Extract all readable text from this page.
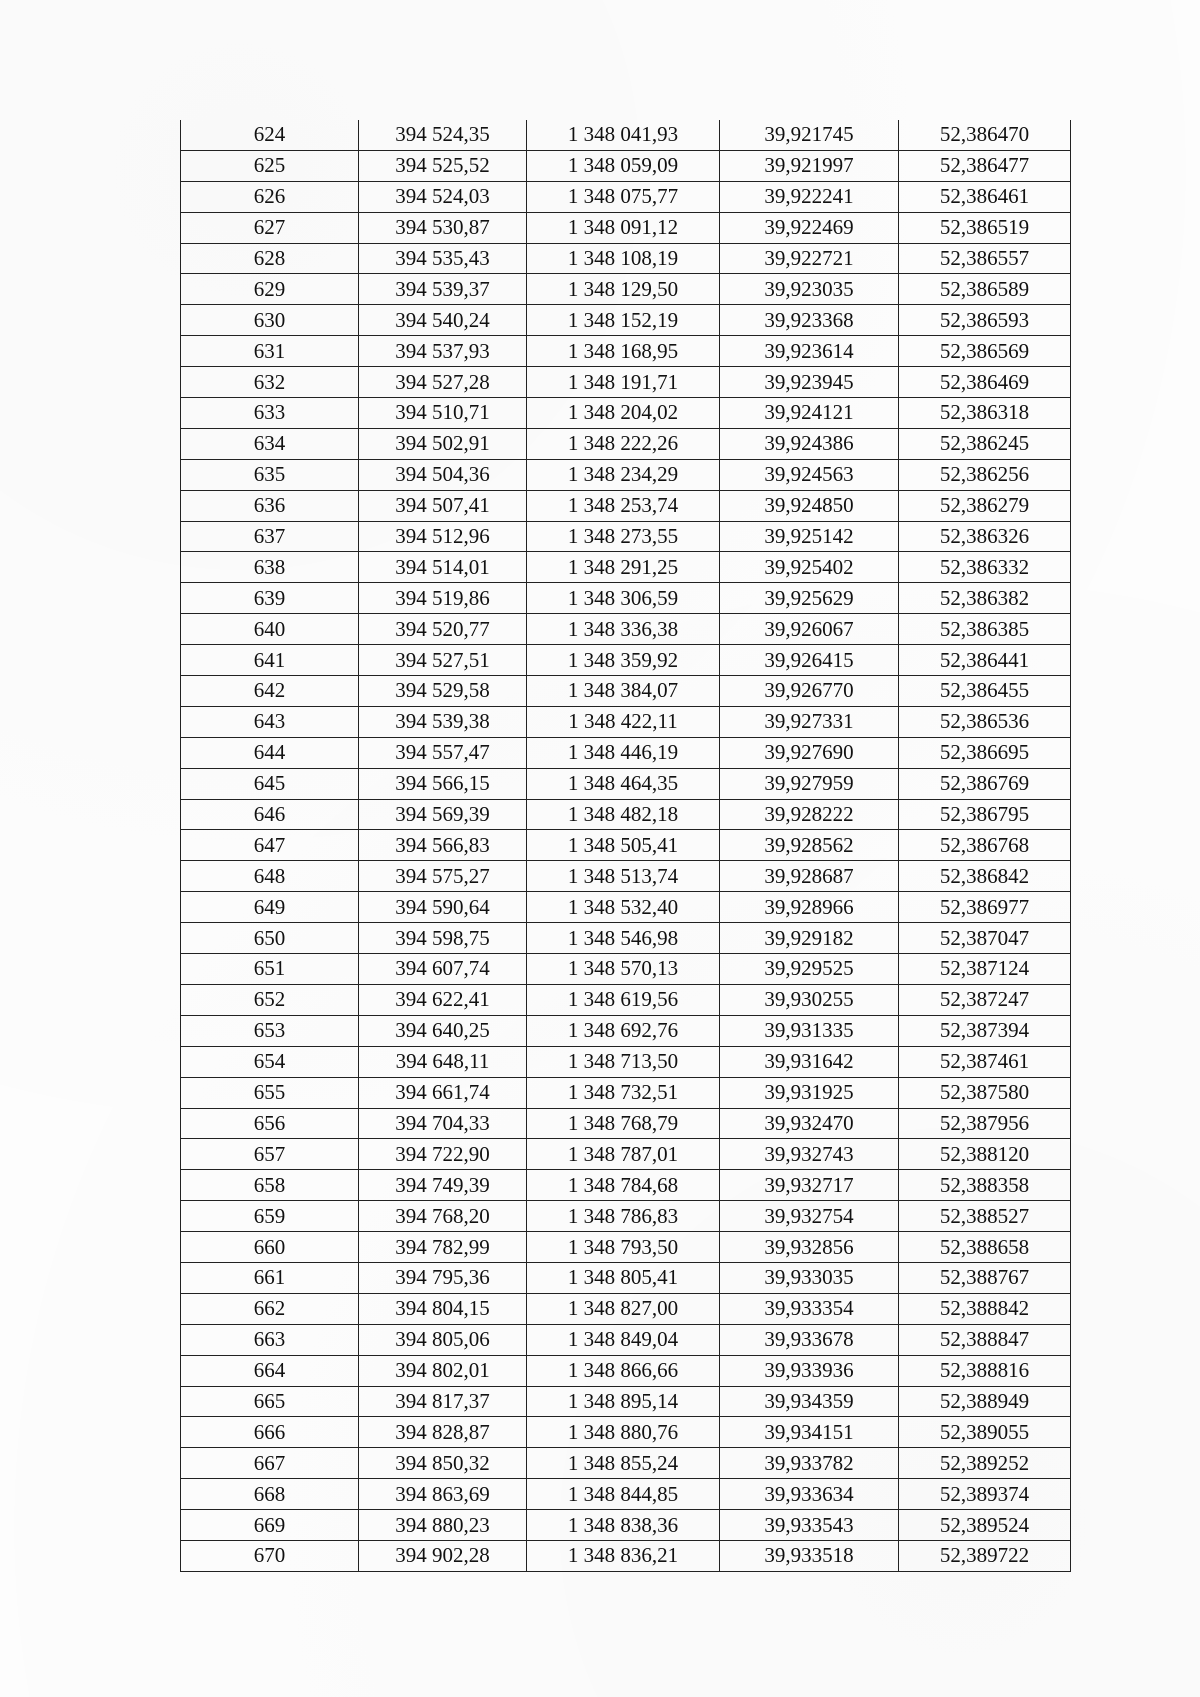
624	394 524,35	1 348 041,93	39,921745	52,386470
625	394 525,52	1 348 059,09	39,921997	52,386477
626	394 524,03	1 348 075,77	39,922241	52,386461
627	394 530,87	1 348 091,12	39,922469	52,386519
628	394 535,43	1 348 108,19	39,922721	52,386557
629	394 539,37	1 348 129,50	39,923035	52,386589
630	394 540,24	1 348 152,19	39,923368	52,386593
631	394 537,93	1 348 168,95	39,923614	52,386569
632	394 527,28	1 348 191,71	39,923945	52,386469
633	394 510,71	1 348 204,02	39,924121	52,386318
634	394 502,91	1 348 222,26	39,924386	52,386245
635	394 504,36	1 348 234,29	39,924563	52,386256
636	394 507,41	1 348 253,74	39,924850	52,386279
637	394 512,96	1 348 273,55	39,925142	52,386326
638	394 514,01	1 348 291,25	39,925402	52,386332
639	394 519,86	1 348 306,59	39,925629	52,386382
640	394 520,77	1 348 336,38	39,926067	52,386385
641	394 527,51	1 348 359,92	39,926415	52,386441
642	394 529,58	1 348 384,07	39,926770	52,386455
643	394 539,38	1 348 422,11	39,927331	52,386536
644	394 557,47	1 348 446,19	39,927690	52,386695
645	394 566,15	1 348 464,35	39,927959	52,386769
646	394 569,39	1 348 482,18	39,928222	52,386795
647	394 566,83	1 348 505,41	39,928562	52,386768
648	394 575,27	1 348 513,74	39,928687	52,386842
649	394 590,64	1 348 532,40	39,928966	52,386977
650	394 598,75	1 348 546,98	39,929182	52,387047
651	394 607,74	1 348 570,13	39,929525	52,387124
652	394 622,41	1 348 619,56	39,930255	52,387247
653	394 640,25	1 348 692,76	39,931335	52,387394
654	394 648,11	1 348 713,50	39,931642	52,387461
655	394 661,74	1 348 732,51	39,931925	52,387580
656	394 704,33	1 348 768,79	39,932470	52,387956
657	394 722,90	1 348 787,01	39,932743	52,388120
658	394 749,39	1 348 784,68	39,932717	52,388358
659	394 768,20	1 348 786,83	39,932754	52,388527
660	394 782,99	1 348 793,50	39,932856	52,388658
661	394 795,36	1 348 805,41	39,933035	52,388767
662	394 804,15	1 348 827,00	39,933354	52,388842
663	394 805,06	1 348 849,04	39,933678	52,388847
664	394 802,01	1 348 866,66	39,933936	52,388816
665	394 817,37	1 348 895,14	39,934359	52,388949
666	394 828,87	1 348 880,76	39,934151	52,389055
667	394 850,32	1 348 855,24	39,933782	52,389252
668	394 863,69	1 348 844,85	39,933634	52,389374
669	394 880,23	1 348 838,36	39,933543	52,389524
670	394 902,28	1 348 836,21	39,933518	52,389722
